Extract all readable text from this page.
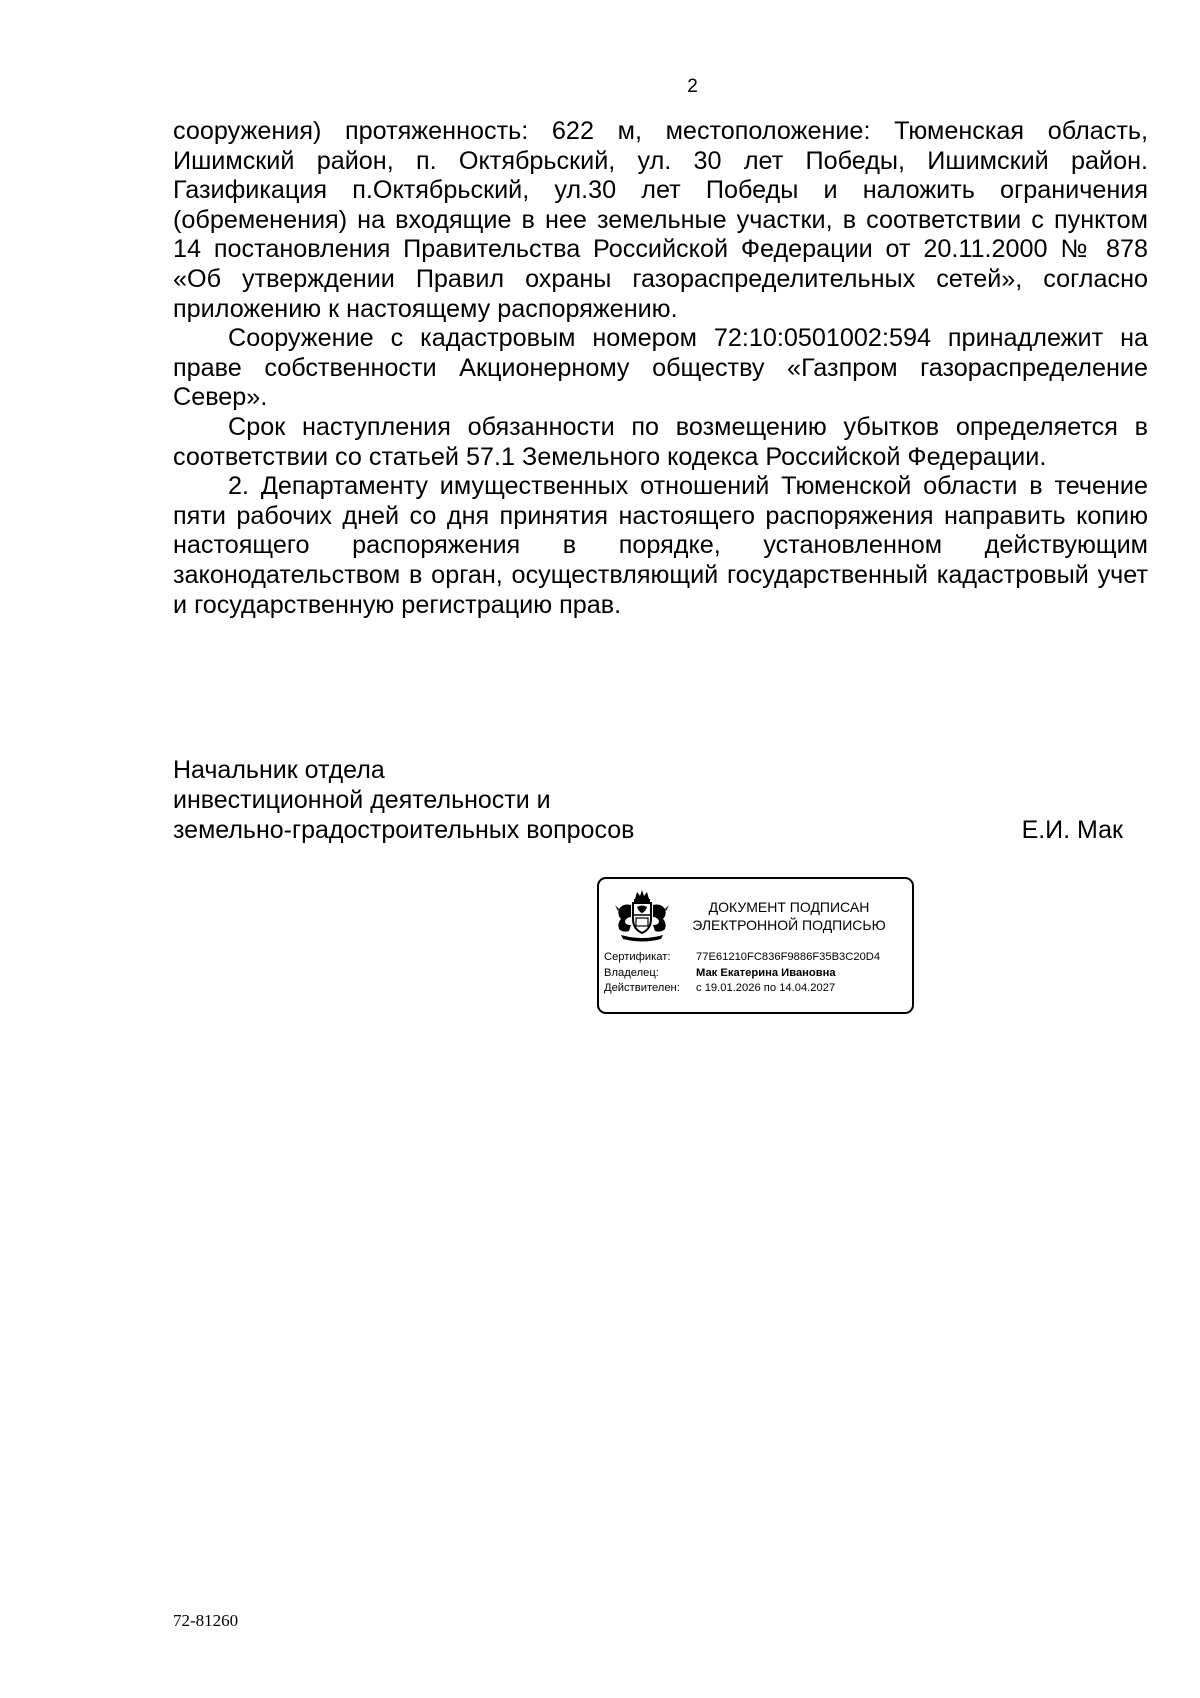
2

сооружения) протяженность: 622 м, местоположение: Тюменская область, Ишимский район, п. Октябрьский, ул. 30 лет Победы, Ишимский район. Газификация п.Октябрьский, ул.30 лет Победы и наложить ограничения (обременения) на входящие в нее земельные участки, в соответствии с пунктом 14 постановления Правительства Российской Федерации от 20.11.2000 № 878 «Об утверждении Правил охраны газораспределительных сетей», согласно приложению к настоящему распоряжению.

Сооружение с кадастровым номером 72:10:0501002:594 принадлежит на праве собственности Акционерному обществу «Газпром газораспределение Север».

Срок наступления обязанности по возмещению убытков определяется в соответствии со статьей 57.1 Земельного кодекса Российской Федерации.

2. Департаменту имущественных отношений Тюменской области в течение пяти рабочих дней со дня принятия настоящего распоряжения направить копию настоящего распоряжения в порядке, установленном действующим законодательством в орган, осуществляющий государственный кадастровый учет и государственную регистрацию прав.

Начальник отдела
инвестиционной деятельности и
земельно-градостроительных вопросов	Е.И. Мак
ДОКУМЕНТ ПОДПИСАН
ЭЛЕКТРОННОЙ ПОДПИСЬЮ
Сертификат:	77E61210FC836F9886F35B3C20D4
Владелец:	Мак Екатерина Ивановна
Действителен:	с 19.01.2026 по 14.04.2027
72-81260
